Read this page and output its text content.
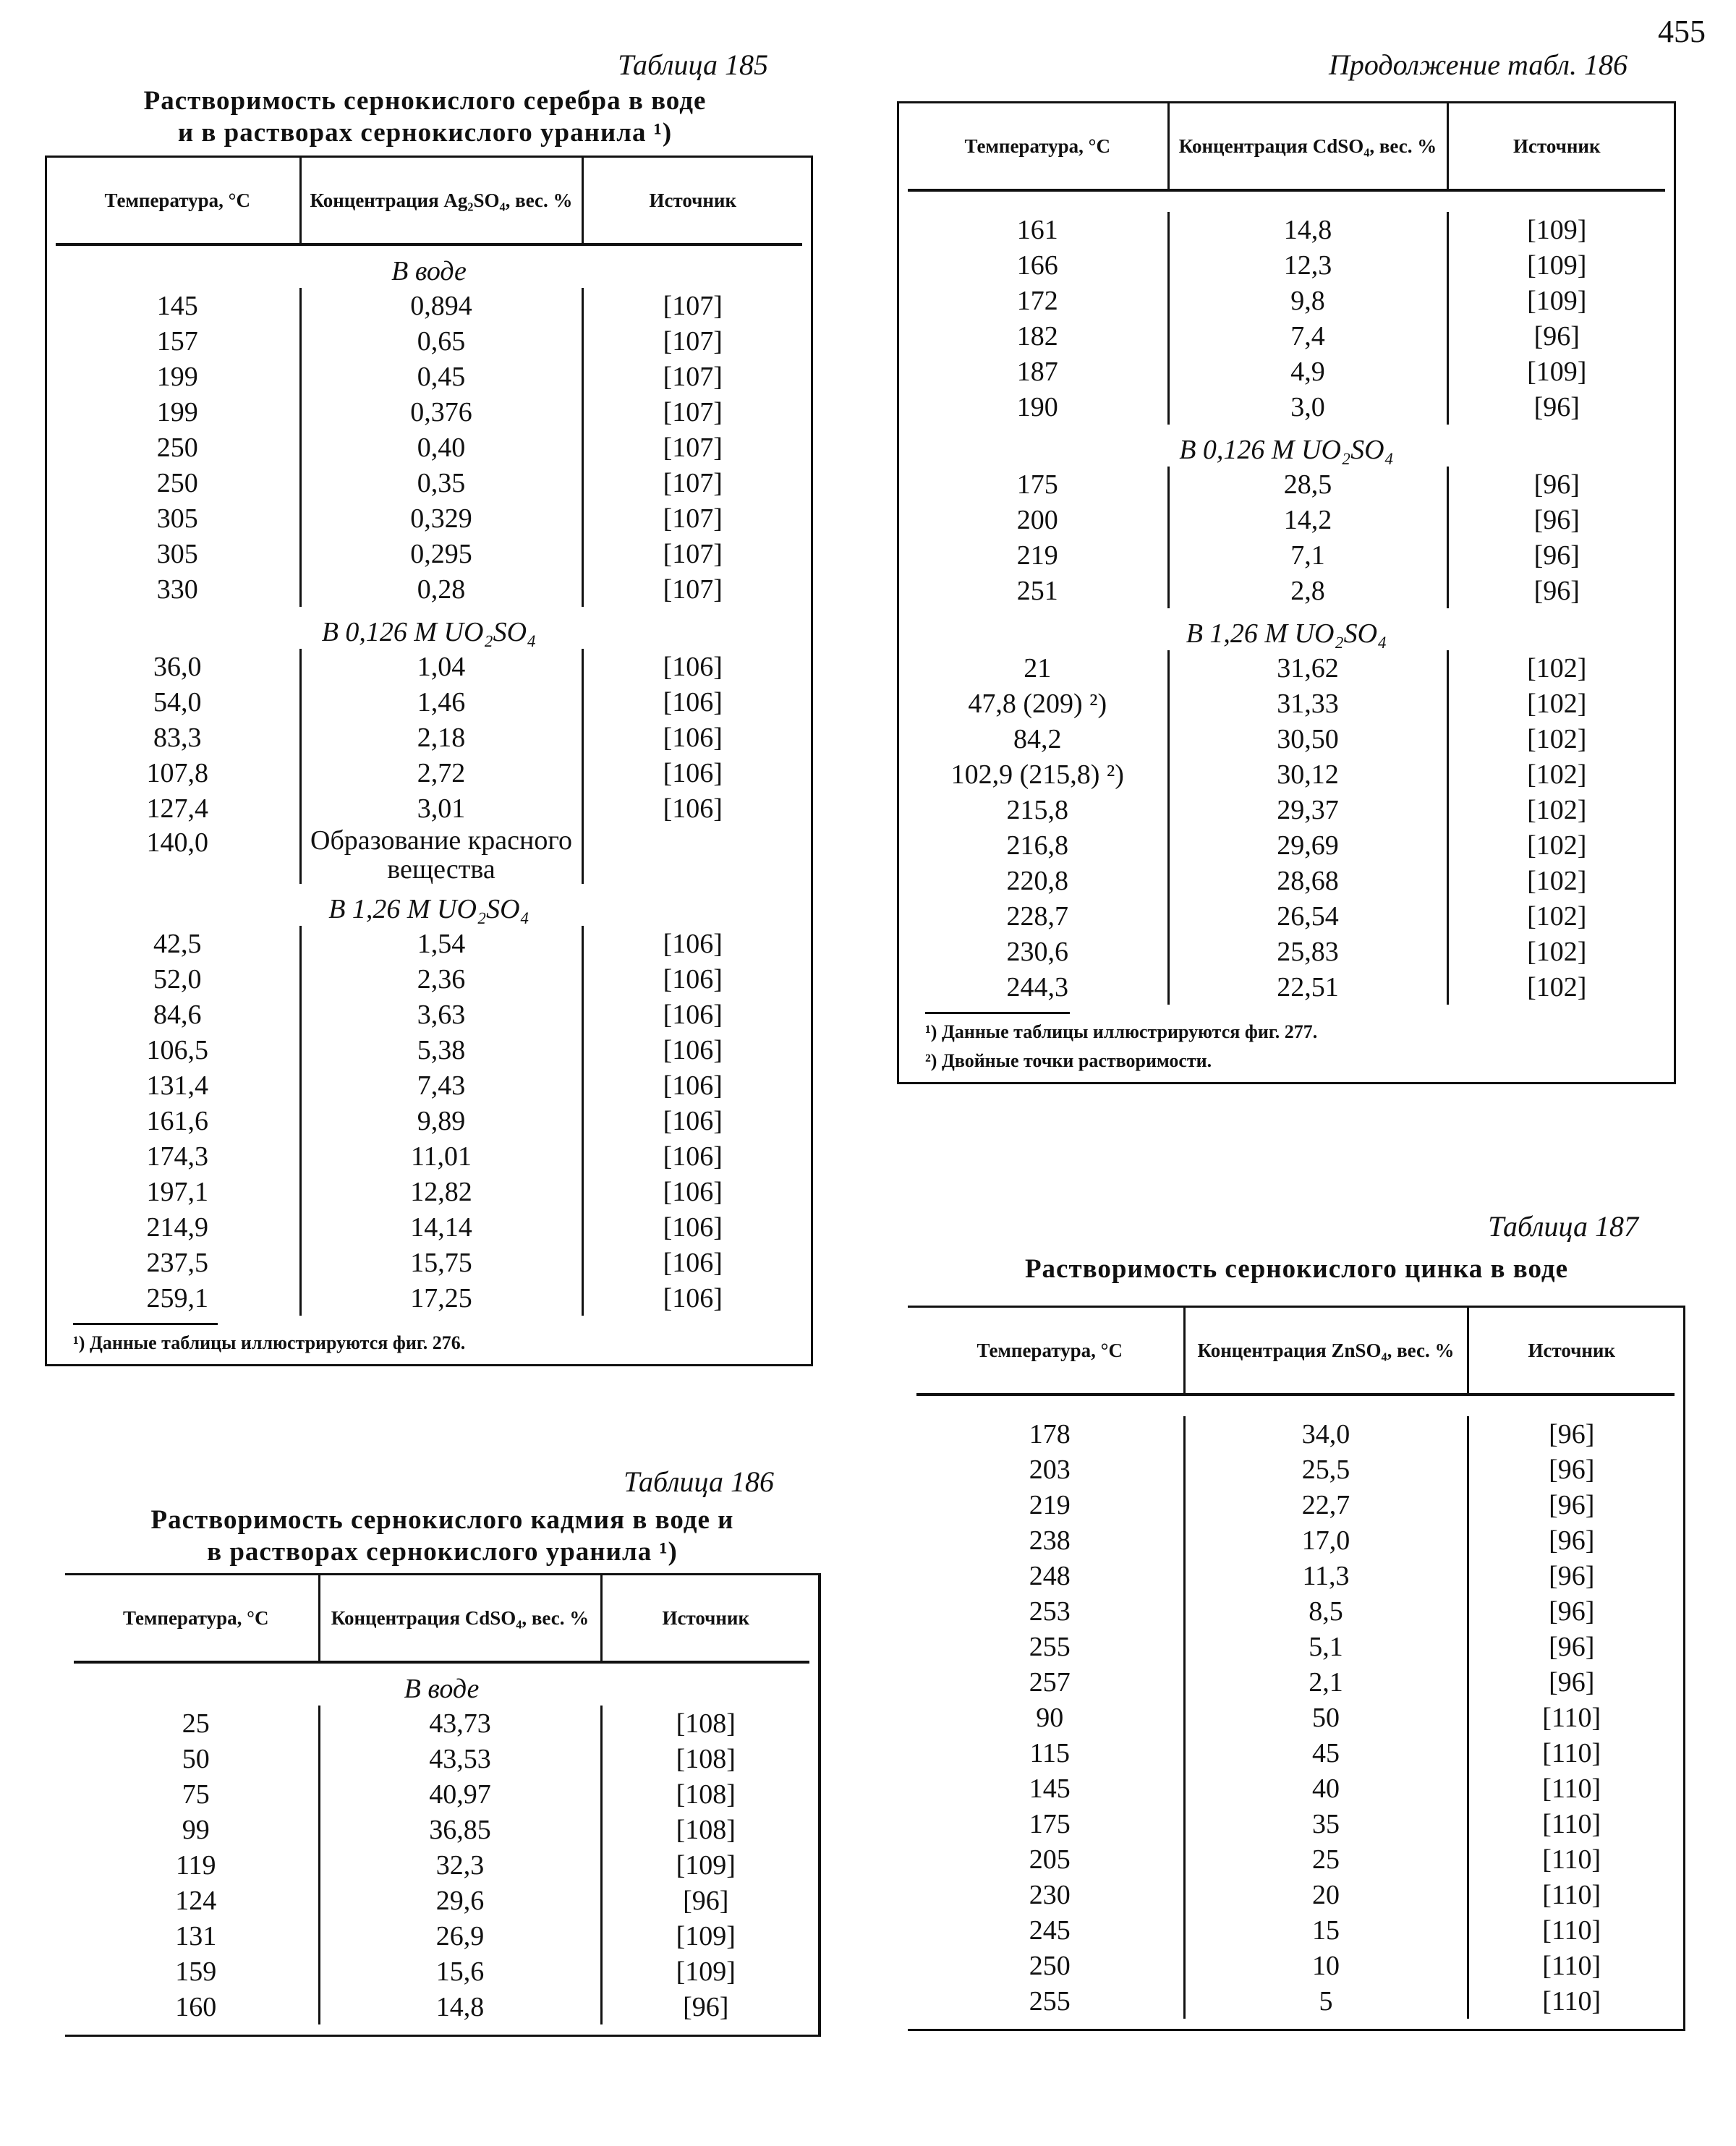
455
Таблица 185
Растворимость сернокислого серебра в воде
и в растворах сернокислого уранила ¹)
Температура, °С	Концентрация Ag₂SO₄, вес. %	Источник
В воде		
145	0,894	[107]
157	0,65	[107]
199	0,45	[107]
199	0,376	[107]
250	0,40	[107]
250	0,35	[107]
305	0,329	[107]
305	0,295	[107]
330	0,28	[107]
В 0,126 М UO₂SO₄		
36,0	1,04	[106]
54,0	1,46	[106]
83,3	2,18	[106]
107,8	2,72	[106]
127,4	3,01	[106]
140,0	Образование красного вещества	
В 1,26 М UO₂SO₄		
42,5	1,54	[106]
52,0	2,36	[106]
84,6	3,63	[106]
106,5	5,38	[106]
131,4	7,43	[106]
161,6	9,89	[106]
174,3	11,01	[106]
197,1	12,82	[106]
214,9	14,14	[106]
237,5	15,75	[106]
259,1	17,25	[106]
¹) Данные таблицы иллюстрируются фиг. 276.
Таблица 186
Растворимость сернокислого кадмия в воде и
в растворах сернокислого уранила ¹)
Температура, °С	Концентрация CdSO₄, вес. %	Источник
В воде		
25	43,73	[108]
50	43,53	[108]
75	40,97	[108]
99	36,85	[108]
119	32,3	[109]
124	29,6	[96]
131	26,9	[109]
159	15,6	[109]
160	14,8	[96]
Продолжение табл. 186
Температура, °С	Концентрация CdSO₄, вес. %	Источник

161	14,8	[109]
166	12,3	[109]
172	9,8	[109]
182	7,4	[96]
187	4,9	[109]
190	3,0	[96]
В 0,126 М UO₂SO₄		
175	28,5	[96]
200	14,2	[96]
219	7,1	[96]
251	2,8	[96]
В 1,26 М UO₂SO₄		
21	31,62	[102]
47,8 (209) ²)	31,33	[102]
84,2	30,50	[102]
102,9 (215,8) ²)	30,12	[102]
215,8	29,37	[102]
216,8	29,69	[102]
220,8	28,68	[102]
228,7	26,54	[102]
230,6	25,83	[102]
244,3	22,51	[102]
¹) Данные таблицы иллюстрируются фиг. 277.
²) Двойные точки растворимости.
Таблица 187
Растворимость сернокислого цинка в воде
Температура, °С	Концентрация ZnSO₄, вес. %	Источник

178	34,0	[96]
203	25,5	[96]
219	22,7	[96]
238	17,0	[96]
248	11,3	[96]
253	8,5	[96]
255	5,1	[96]
257	2,1	[96]
90	50	[110]
115	45	[110]
145	40	[110]
175	35	[110]
205	25	[110]
230	20	[110]
245	15	[110]
250	10	[110]
255	5	[110]
